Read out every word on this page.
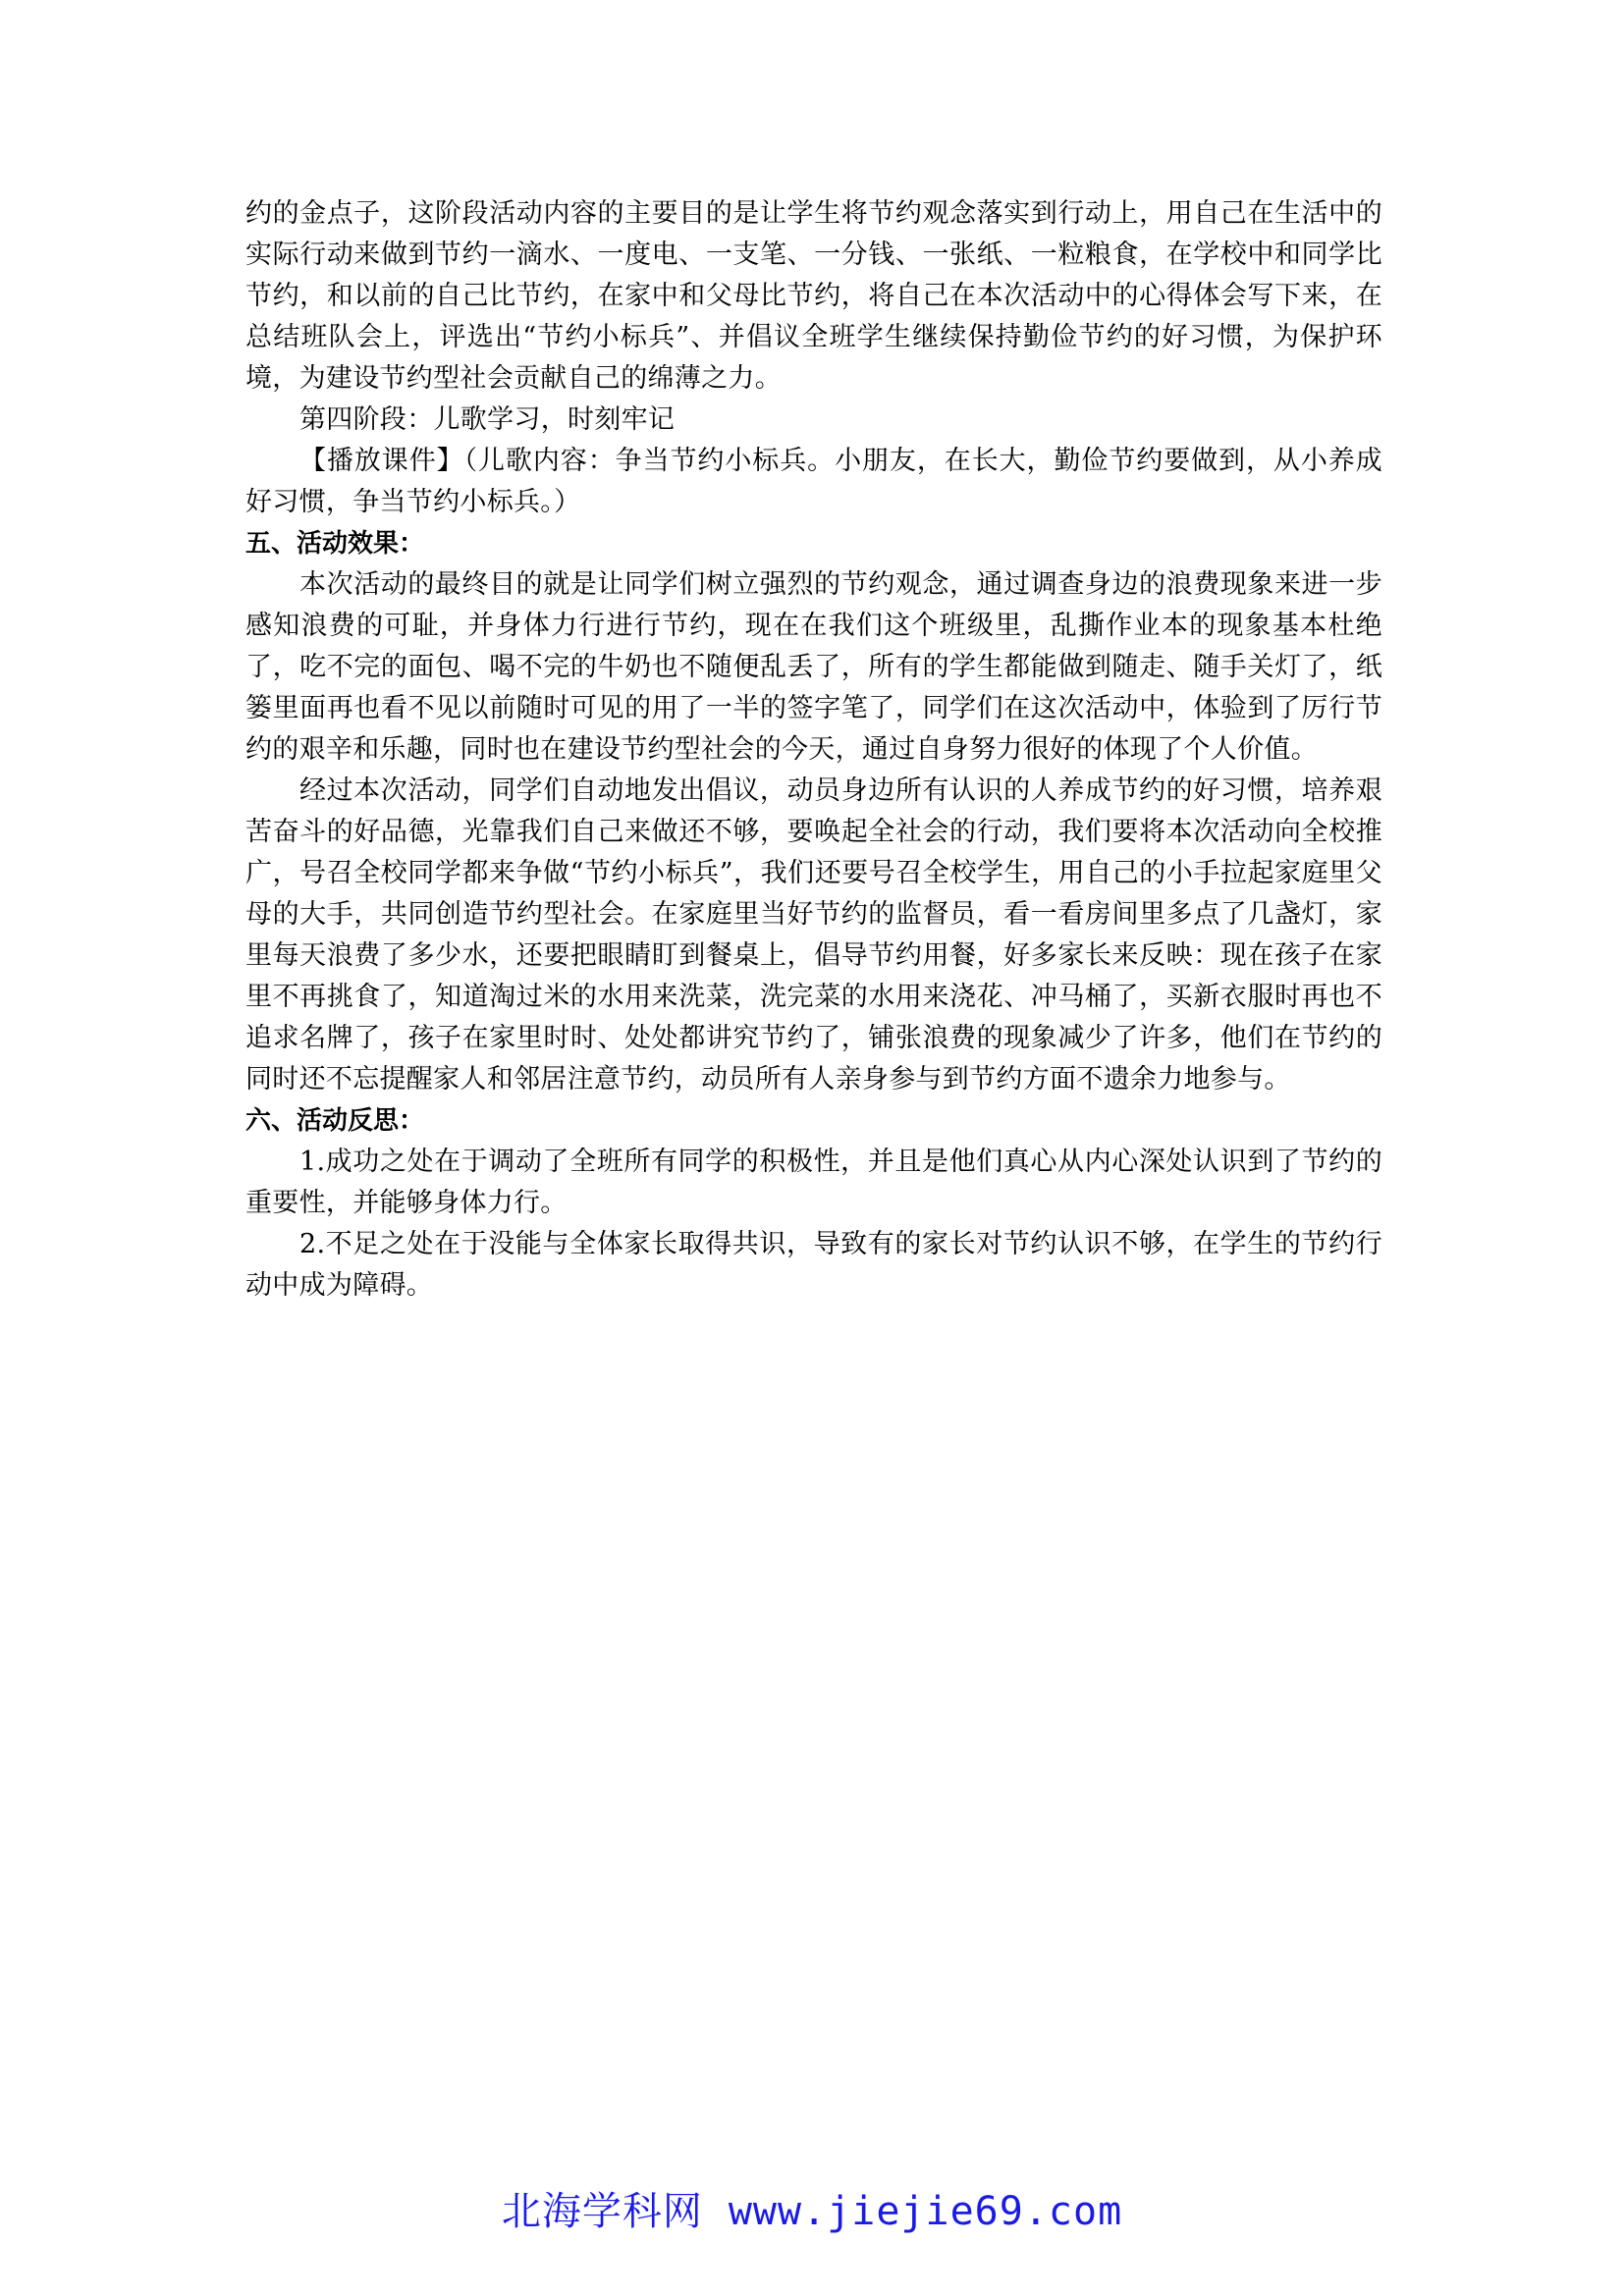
约的金点子，这阶段活动内容的主要目的是让学生将节约观念落实到行动上，用自己在生活中的实际行动来做到节约一滴水、一度电、一支笔、一分钱、一张纸、一粒粮食，在学校中和同学比节约，和以前的自己比节约，在家中和父母比节约，将自己在本次活动中的心得体会写下来，在总结班队会上，评选出“节约小标兵”、并倡议全班学生继续保持勤俭节约的好习惯，为保护环境，为建设节约型社会贡献自己的绵薄之力。

第四阶段：儿歌学习，时刻牢记

【播放课件】（儿歌内容：争当节约小标兵。小朋友，在长大，勤俭节约要做到，从小养成好习惯，争当节约小标兵。）

五、活动效果：

本次活动的最终目的就是让同学们树立强烈的节约观念，通过调查身边的浪费现象来进一步感知浪费的可耻，并身体力行进行节约，现在在我们这个班级里，乱撕作业本的现象基本杜绝了，吃不完的面包、喝不完的牛奶也不随便乱丢了，所有的学生都能做到随走、随手关灯了，纸篓里面再也看不见以前随时可见的用了一半的签字笔了，同学们在这次活动中，体验到了厉行节约的艰辛和乐趣，同时也在建设节约型社会的今天，通过自身努力很好的体现了个人价值。

经过本次活动，同学们自动地发出倡议，动员身边所有认识的人养成节约的好习惯，培养艰苦奋斗的好品德，光靠我们自己来做还不够，要唤起全社会的行动，我们要将本次活动向全校推广，号召全校同学都来争做“节约小标兵”，我们还要号召全校学生，用自己的小手拉起家庭里父母的大手，共同创造节约型社会。在家庭里当好节约的监督员，看一看房间里多点了几盏灯，家里每天浪费了多少水，还要把眼睛盯到餐桌上，倡导节约用餐，好多家长来反映：现在孩子在家里不再挑食了，知道淘过米的水用来洗菜，洗完菜的水用来浇花、冲马桶了，买新衣服时再也不追求名牌了，孩子在家里时时、处处都讲究节约了，铺张浪费的现象减少了许多，他们在节约的同时还不忘提醒家人和邻居注意节约，动员所有人亲身参与到节约方面不遗余力地参与。

六、活动反思：

1.成功之处在于调动了全班所有同学的积极性，并且是他们真心从内心深处认识到了节约的重要性，并能够身体力行。

2.不足之处在于没能与全体家长取得共识，导致有的家长对节约认识不够，在学生的节约行动中成为障碍。

北海学科网 www.jiejie69.com
